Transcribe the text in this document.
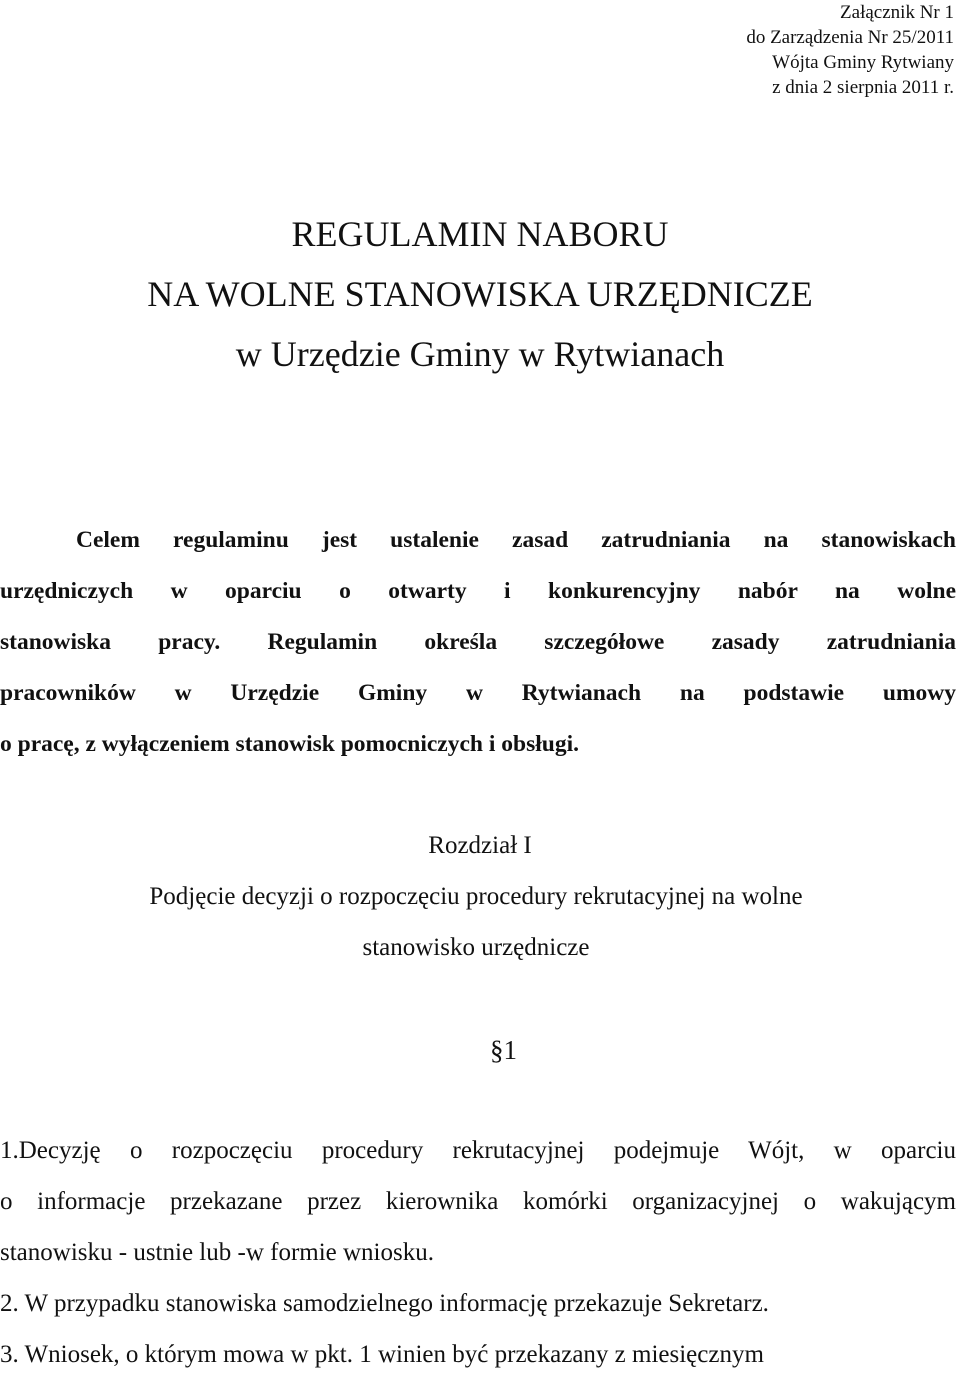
Załącznik Nr 1
do Zarządzenia Nr 25/2011
Wójta Gminy Rytwiany
z dnia 2 sierpnia 2011 r.
REGULAMIN NABORU
NA WOLNE STANOWISKA URZĘDNICZE
w Urzędzie Gminy w Rytwianach
Celem regulaminu jest ustalenie zasad zatrudniania na stanowiskach
urzędniczych w oparciu o otwarty i konkurencyjny nabór na wolne
stanowiska pracy. Regulamin określa szczegółowe zasady zatrudniania
pracowników w Urzędzie Gminy w Rytwianach na podstawie umowy
o pracę, z wyłączeniem stanowisk pomocniczych i obsługi.
Rozdział I
Podjęcie decyzji o rozpoczęciu procedury rekrutacyjnej na wolne
stanowisko urzędnicze
§1
1.Decyzję o rozpoczęciu procedury rekrutacyjnej podejmuje Wójt, w oparciu
o informacje przekazane przez kierownika komórki organizacyjnej o wakującym
stanowisku - ustnie lub -w formie wniosku.
2. W przypadku stanowiska samodzielnego informację przekazuje Sekretarz.
3. Wniosek, o którym mowa w pkt. 1 winien być przekazany z miesięcznym
